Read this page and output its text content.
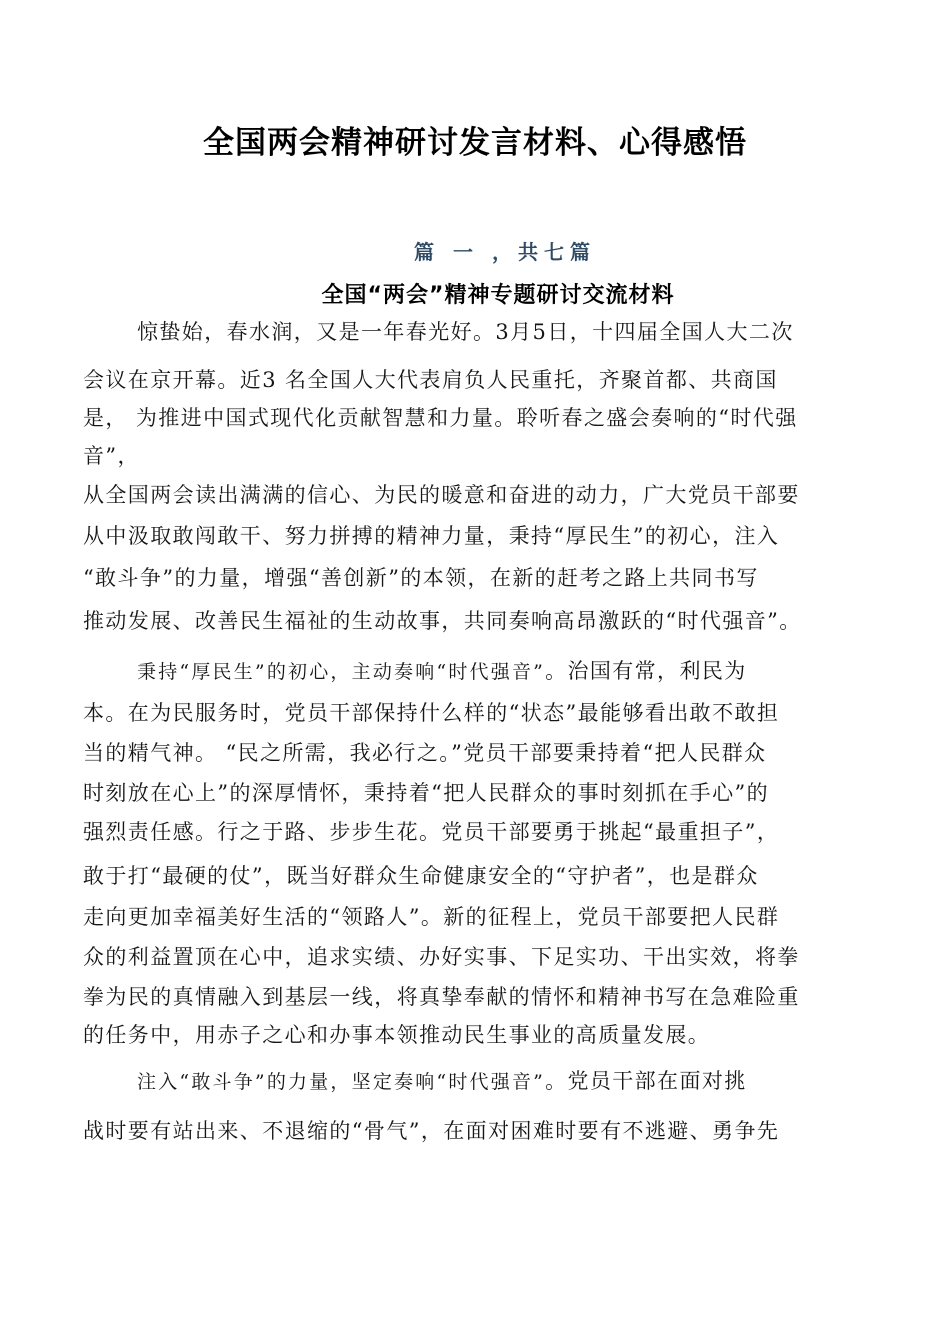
全国两会精神研讨发言材料、心得感悟
篇 一 ，共七篇
全国“两会”精神专题研讨交流材料
惊蛰始，春水润，又是一年春光好。3月5日，十四届全国人大二次
会议在京开幕。近3 名全国人大代表肩负人民重托，齐聚首都、共商国
是， 为推进中国式现代化贡献智慧和力量。聆听春之盛会奏响的“时代强
音”，
从全国两会读出满满的信心、为民的暖意和奋进的动力，广大党员干部要
从中汲取敢闯敢干、努力拼搏的精神力量，秉持“厚民生”的初心，注入
“敢斗争”的力量，增强“善创新”的本领，在新的赶考之路上共同书写
推动发展、改善民生福祉的生动故事，共同奏响高昂激跃的“时代强音”。
秉持“厚民生”的初心，主动奏响“时代强音”。治国有常，利民为
本。在为民服务时，党员干部保持什么样的“状态”最能够看出敢不敢担
当的精气神。 “民之所需，我必行之。”党员干部要秉持着“把人民群众
时刻放在心上”的深厚情怀，秉持着“把人民群众的事时刻抓在手心”的
强烈责任感。行之于路、步步生花。党员干部要勇于挑起“最重担子”，
敢于打“最硬的仗”，既当好群众生命健康安全的“守护者”，也是群众
走向更加幸福美好生活的“领路人”。新的征程上，党员干部要把人民群
众的利益置顶在心中，追求实绩、办好实事、下足实功、干出实效，将拳
拳为民的真情融入到基层一线，将真挚奉献的情怀和精神书写在急难险重
的任务中，用赤子之心和办事本领推动民生事业的高质量发展。
注入“敢斗争”的力量，坚定奏响“时代强音”。党员干部在面对挑
战时要有站出来、不退缩的“骨气”，在面对困难时要有不逃避、勇争先
